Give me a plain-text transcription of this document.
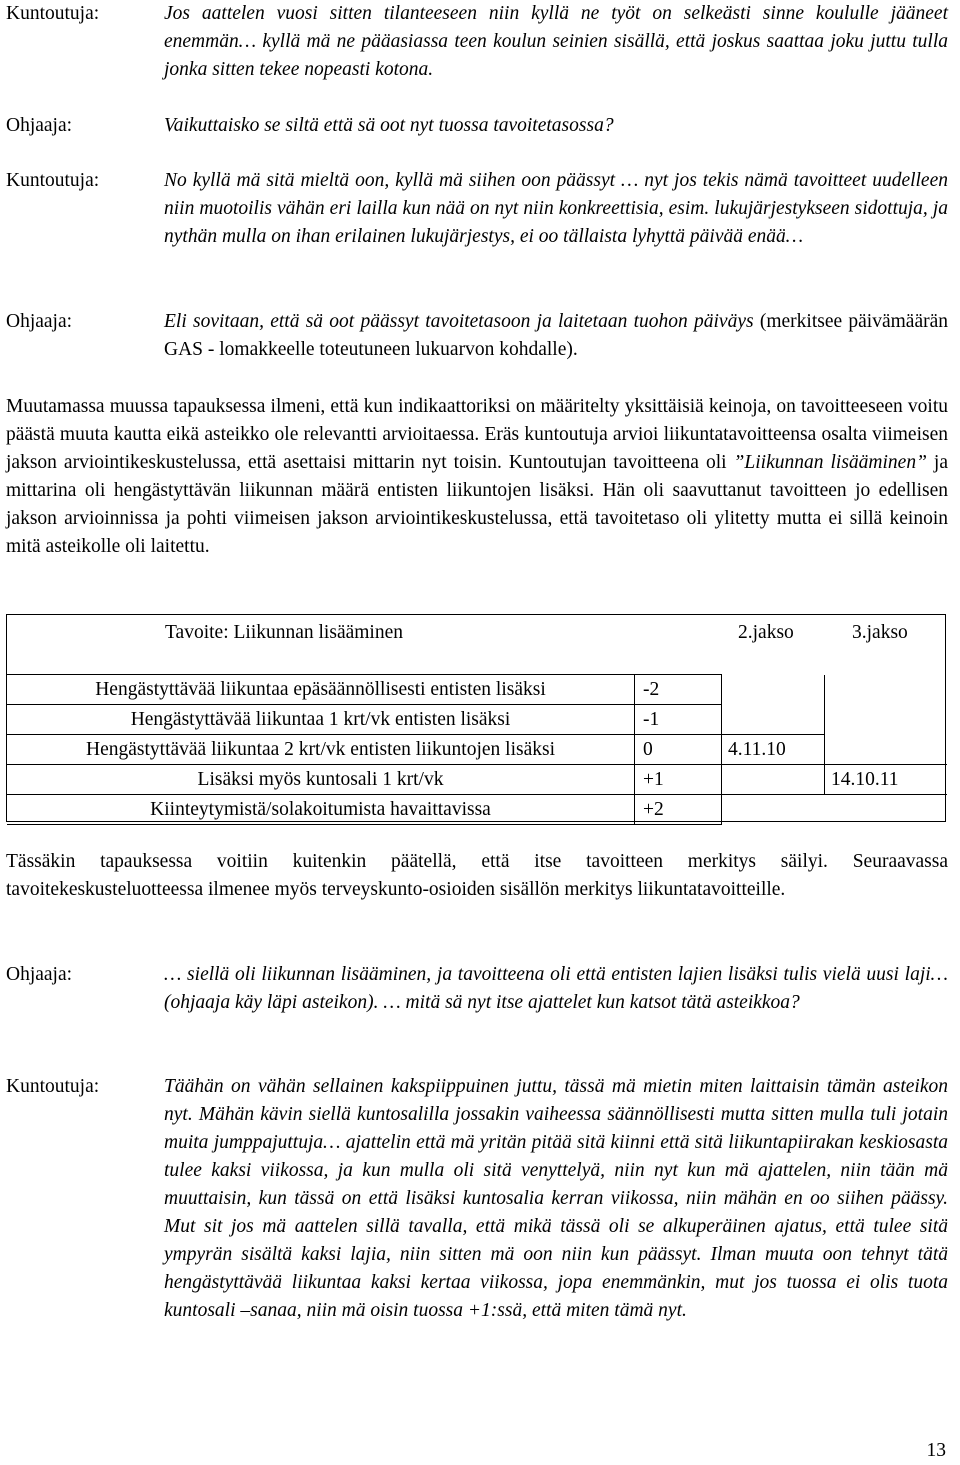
Kuntoutuja:	Jos aattelen vuosi sitten tilanteeseen niin kyllä ne työt on selkeästi sinne koululle jääneet enemmän… kyllä mä ne pääasiassa teen koulun seinien sisällä, että joskus saattaa joku juttu tulla jonka sitten tekee nopeasti kotona.
Ohjaaja:	Vaikuttaisko se siltä että sä oot nyt tuossa tavoitetasossa?
Kuntoutuja:	No kyllä mä sitä mieltä oon, kyllä mä siihen oon päässyt … nyt jos tekis nämä tavoitteet uudelleen niin muotoilis vähän eri lailla kun nää on nyt niin konkreettisia, esim. lukujärjestykseen sidottuja, ja nythän mulla on ihan erilainen lukujärjestys, ei oo tällaista lyhyttä päivää enää…
Ohjaaja:	Eli sovitaan, että sä oot päässyt tavoitetasoon ja laitetaan tuohon päiväys (merkitsee päivämäärän GAS - lomakkeelle toteutuneen lukuarvon kohdalle).

Muutamassa muussa tapauksessa ilmeni, että kun indikaattoriksi on määritelty yksittäisiä keinoja, on tavoitteeseen voitu päästä muuta kautta eikä asteikko ole relevantti arvioitaessa. Eräs kuntoutuja arvioi liikuntatavoitteensa osalta viimeisen jakson arviointikeskustelussa, että asettaisi mittarin nyt toisin. Kuntoutujan tavoitteena oli ”Liikunnan lisääminen” ja mittarina oli hengästyttävän liikunnan määrä entisten liikuntojen lisäksi. Hän oli saavuttanut tavoitteen jo edellisen jakson arvioinnissa ja pohti viimeisen jakson arviointikeskustelussa, että tavoitetaso oli ylitetty mutta ei sillä keinoin mitä asteikolle oli laitettu.

Tavoite: Liikunnan lisääminen	2.jakso	3.jakso
Hengästyttävää liikuntaa epäsäännöllisesti entisten lisäksi	-2		
Hengästyttävää liikuntaa 1 krt/vk entisten lisäksi	-1		
Hengästyttävää liikuntaa 2 krt/vk entisten liikuntojen lisäksi	0	4.11.10	
Lisäksi myös kuntosali 1 krt/vk	+1		14.10.11
Kiinteytymistä/solakoitumista havaittavissa	+2		

Tässäkin tapauksessa voitiin kuitenkin päätellä, että itse tavoitteen merkitys säilyi. Seuraavassa tavoitekeskusteluotteessa ilmenee myös terveyskunto-osioiden sisällön merkitys liikuntatavoitteille.

Ohjaaja:	… siellä oli liikunnan lisääminen, ja tavoitteena oli että entisten lajien lisäksi tulis vielä uusi laji… (ohjaaja käy läpi asteikon). … mitä sä nyt itse ajattelet kun katsot tätä asteikkoa?
Kuntoutuja:	Täähän on vähän sellainen kakspiippuinen juttu, tässä mä mietin miten laittaisin tämän asteikon nyt. Mähän kävin siellä kuntosalilla jossakin vaiheessa säännöllisesti mutta sitten mulla tuli jotain muita jumppajuttuja… ajattelin että mä yritän pitää sitä kiinni että sitä liikuntapiirakan keskiosasta tulee kaksi viikossa, ja kun mulla oli sitä venyttelyä, niin nyt kun mä ajattelen, niin tään mä muuttaisin, kun tässä on että lisäksi kuntosalia kerran viikossa, niin mähän en oo siihen päässy. Mut sit jos mä aattelen sillä tavalla, että mikä tässä oli se alkuperäinen ajatus, että tulee sitä ympyrän sisältä kaksi lajia, niin sitten mä oon niin kun päässyt. Ilman muuta oon tehnyt tätä hengästyttävää liikuntaa kaksi kertaa viikossa, jopa enemmänkin, mut jos tuossa ei olis tuota kuntosali –sanaa, niin mä oisin tuossa +1:ssä, että miten tämä nyt.
13
